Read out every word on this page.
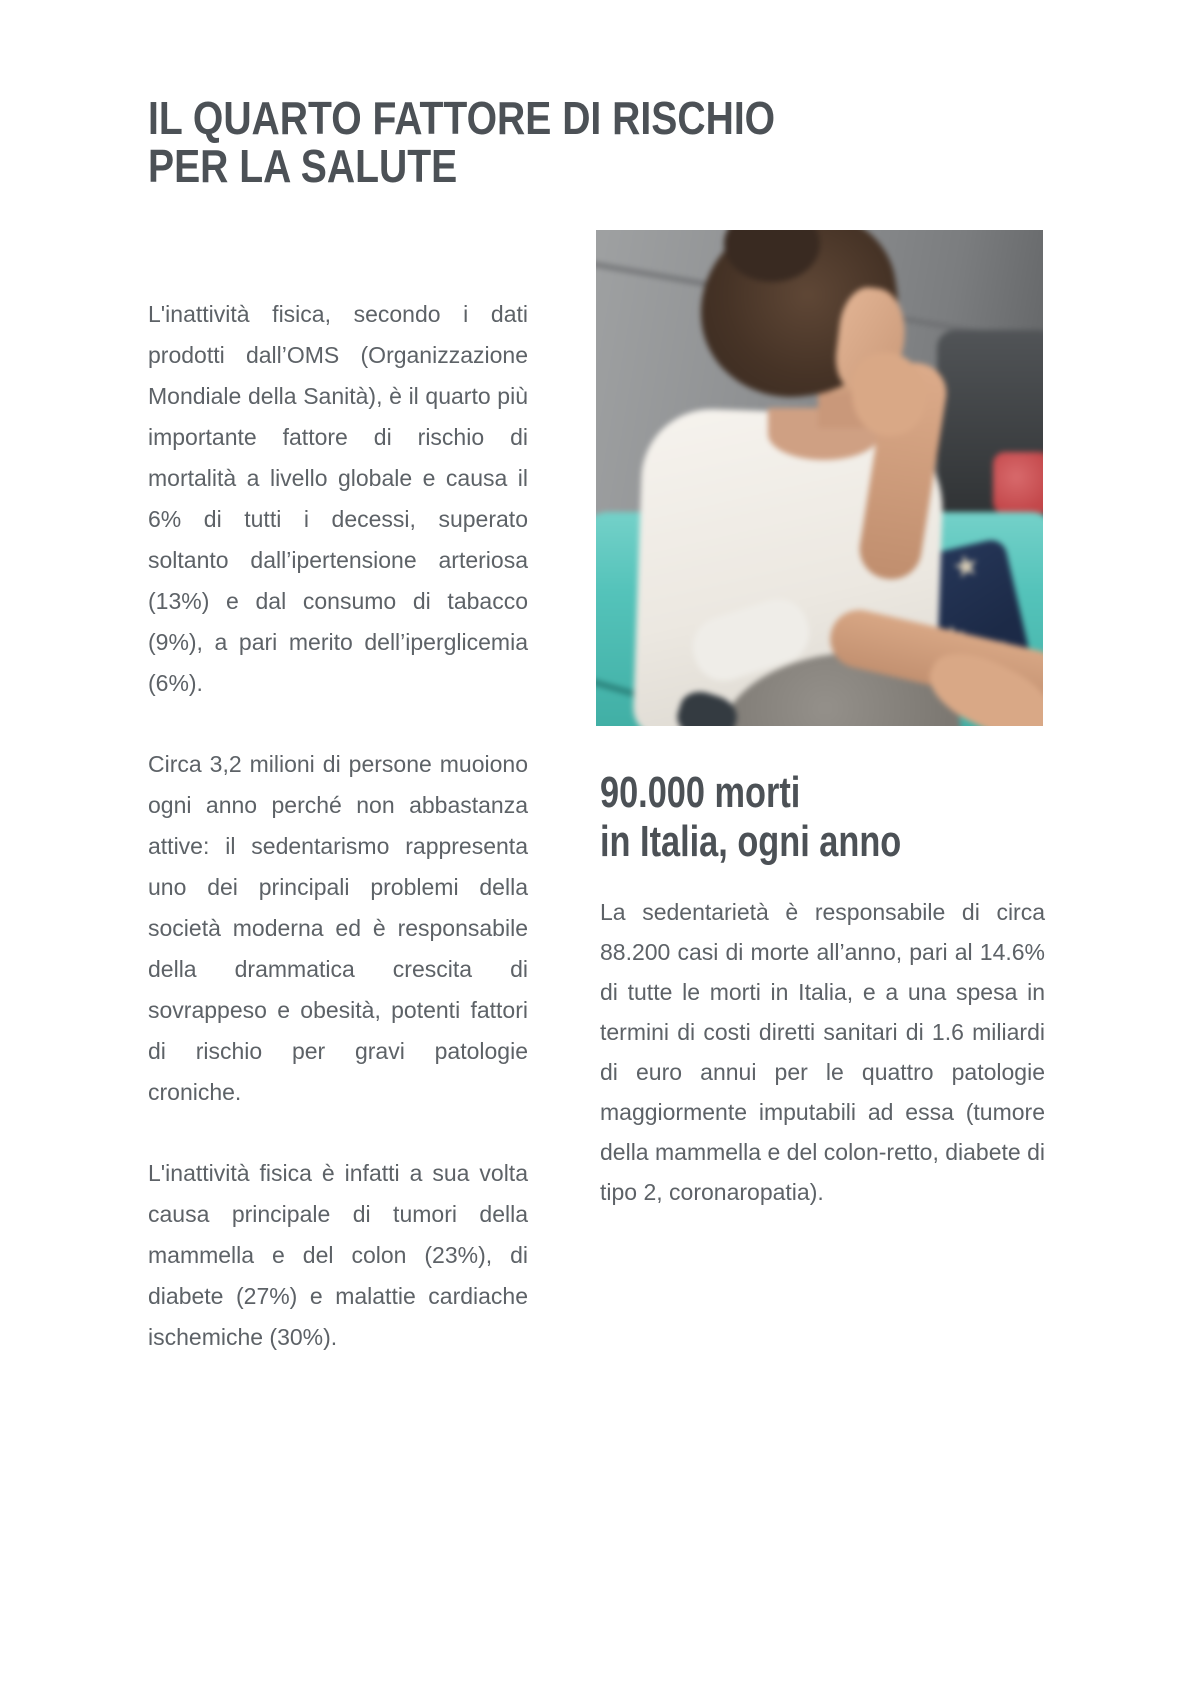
IL QUARTO FATTORE DI RISCHIO
PER LA SALUTE

L'inattività fisica, secondo i dati prodotti dall’OMS (Organizzazione Mondiale della Sanità), è il quarto più importante fattore di rischio di mortalità a livello globale e causa il 6% di tutti i decessi, superato soltanto dall’ipertensione arteriosa (13%) e dal consumo di tabacco (9%), a pari merito dell’iperglicemia (6%).

Circa 3,2 milioni di persone muoiono ogni anno perché non abbastanza attive: il sedentarismo rappresenta uno dei principali problemi della società moderna ed è responsabile della drammatica crescita di sovrappeso e obesità, potenti fattori di rischio per gravi patologie croniche.

L'inattività fisica è infatti a sua volta causa principale di tumori della mammella e del colon (23%), di diabete (27%) e malattie cardiache ischemiche (30%).

★
90.000 morti
in Italia, ogni anno

La sedentarietà è responsabile di circa 88.200 casi di morte all’anno, pari al 14.6% di tutte le morti in Italia, e a una spesa in termini di costi diretti sanitari di 1.6 miliardi di euro annui per le quattro patologie maggiormente imputabili ad essa (tumore della mammella e del colon-retto, diabete di tipo 2, coronaropatia).
